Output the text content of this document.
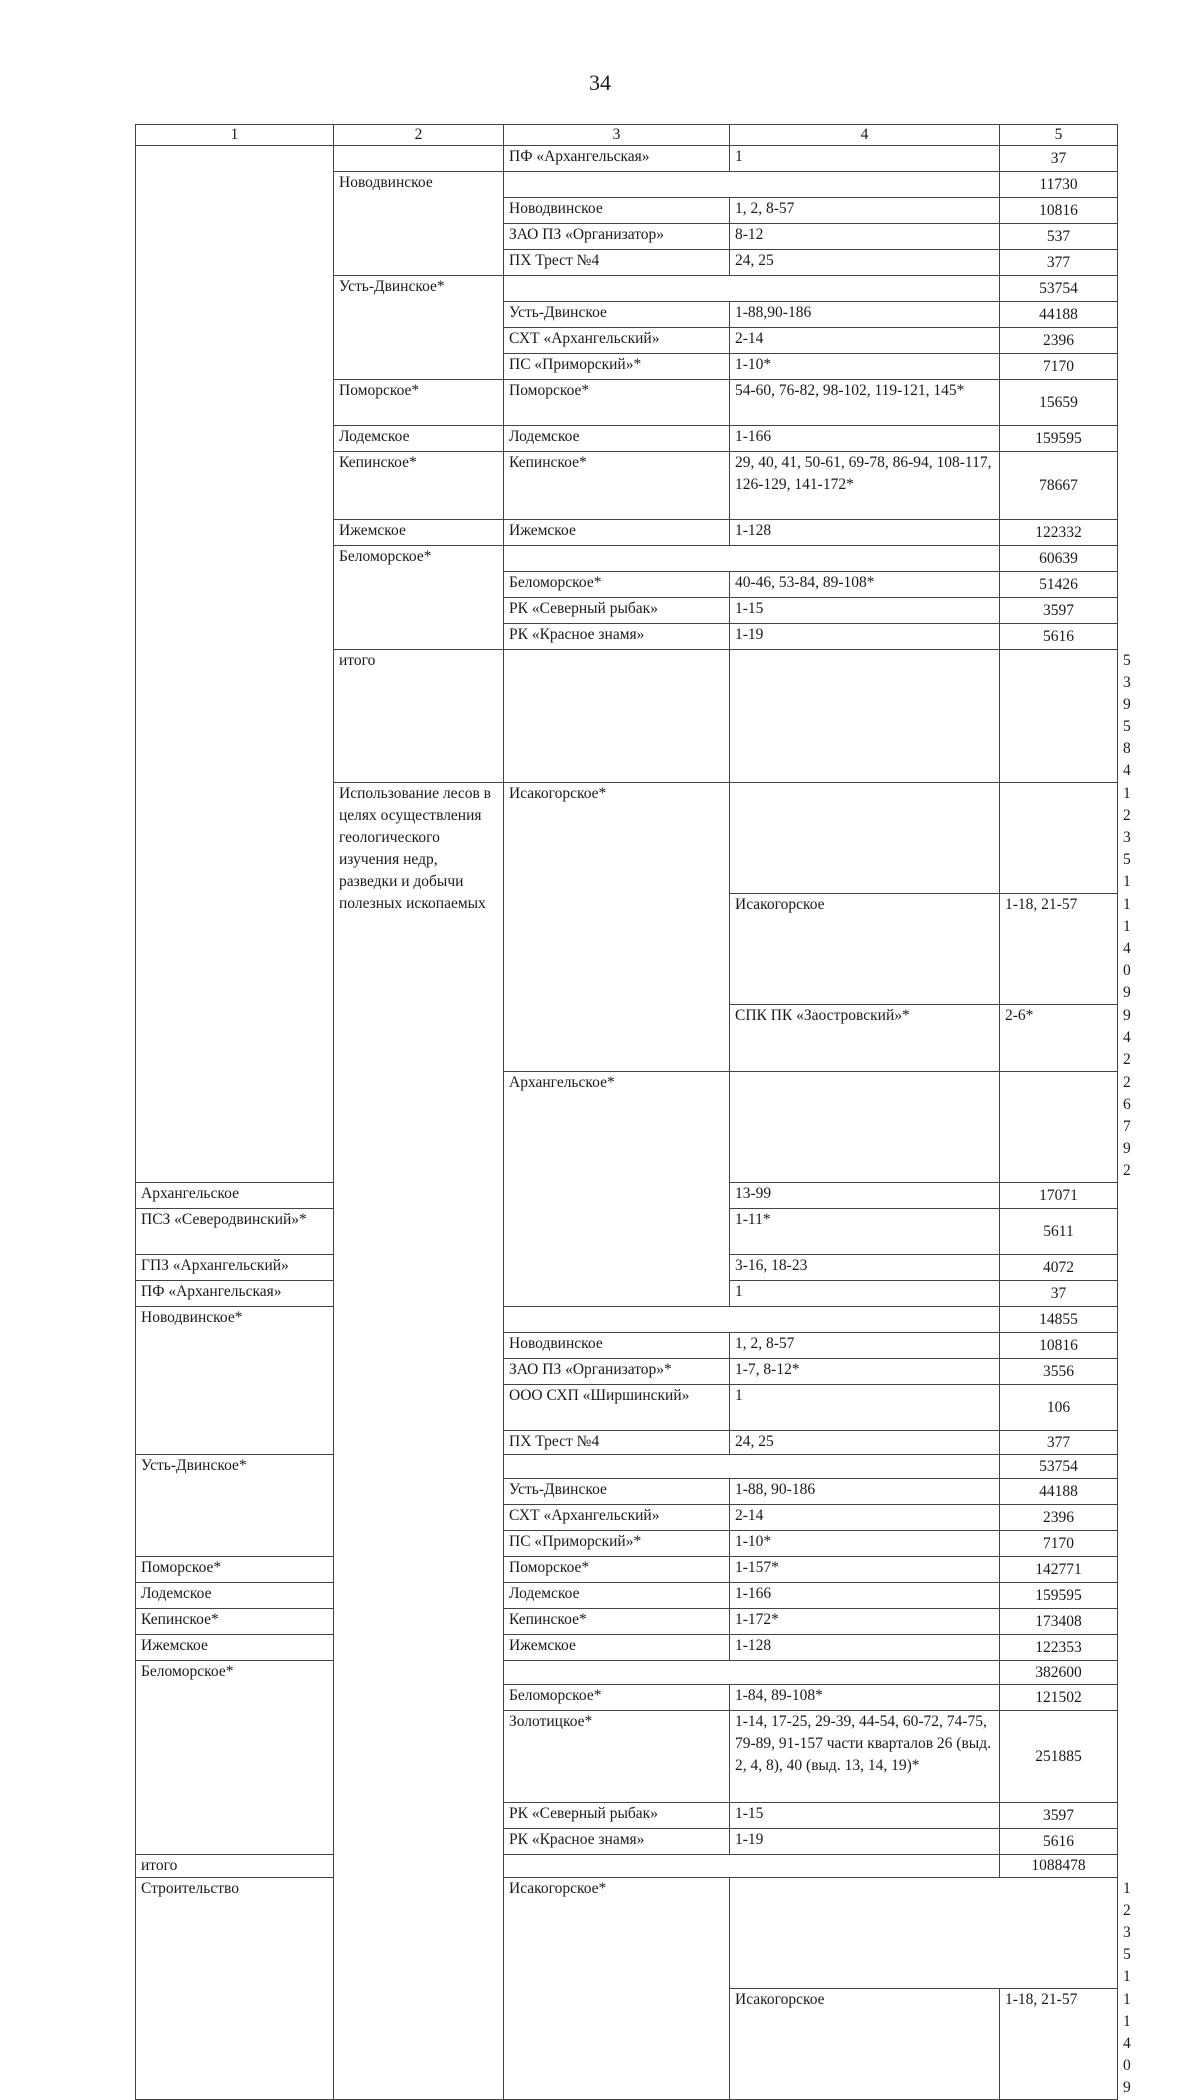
34
1	2	3	4	5	
		ПФ «Архангельская»	1	37	
	Новодвинское			11730	
		Новодвинское	1, 2, 8-57	10816	
		ЗАО ПЗ «Организатор»	8-12	537	
		ПХ Трест №4	24, 25	377	
	Усть-Двинское*			53754	
		Усть-Двинское	1-88,90-186	44188	
		СХТ «Архангельский»	2-14	2396	
		ПС «Приморский»*	1-10*	7170	
	Поморское*	Поморское*	54-60, 76-82, 98-102, 119-121, 145*	15659	
	Лодемское	Лодемское	1-166	159595	
	Кепинское*	Кепинское*	29, 40, 41, 50-61, 69-78, 86-94, 108-117, 126-129, 141-172*	78667	
	Ижемское	Ижемское	1-128	122332	
	Беломорское*			60639	
		Беломорское*	40-46, 53-84, 89-108*	51426	
		РК «Северный рыбак»	1-15	3597	
		РК «Красное знамя»	1-19	5616	
	итого				539584
	Использование лесов в целях осуществления геологического изучения недр, разведки и добычи полезных ископаемых	Исакогорское*			12351
			Исакогорское	1-18, 21-57	11409
			СПК ПК «Заостровский»*	2-6*	942
		Архангельское*			26792
Архангельское			13-99	17071	
ПСЗ «Северодвинский»*			1-11*	5611	
ГПЗ «Архангельский»			3-16, 18-23	4072	
ПФ «Архангельская»			1	37	
Новодвинское*				14855	
		Новодвинское	1, 2, 8-57	10816	
		ЗАО ПЗ «Организатор»*	1-7, 8-12*	3556	
		ООО СХП «Ширшинский»	1	106	
		ПХ Трест №4	24, 25	377	
Усть-Двинское*				53754	
		Усть-Двинское	1-88, 90-186	44188	
		СХТ «Архангельский»	2-14	2396	
		ПС «Приморский»*	1-10*	7170	
Поморское*		Поморское*	1-157*	142771	
Лодемское		Лодемское	1-166	159595	
Кепинское*		Кепинское*	1-172*	173408	
Ижемское		Ижемское	1-128	122353	
Беломорское*				382600	
		Беломорское*	1-84, 89-108*	121502	
		Золотицкое*	1-14, 17-25, 29-39, 44-54, 60-72, 74-75, 79-89, 91-157 части кварталов 26 (выд. 2, 4, 8), 40 (выд. 13, 14, 19)*	251885	
		РК «Северный рыбак»	1-15	3597	
		РК «Красное знамя»	1-19	5616	
итого				1088478	
Строительство		Исакогорское*			12351
			Исакогорское	1-18, 21-57	11409
